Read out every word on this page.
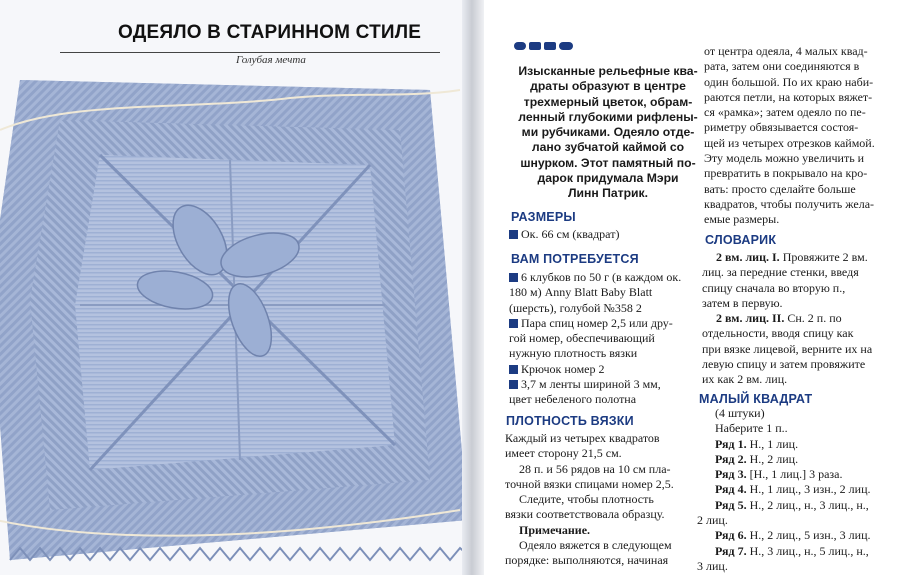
ОДЕЯЛО В СТАРИННОМ СТИЛЕ
Голубая мечта
Изысканные рельефные ква-
драты образуют в центре
трехмерный цветок, обрам-
ленный глубокими рифлены-
ми рубчиками. Одеяло отде-
лано зубчатой каймой со
шнурком. Этот памятный по-
дарок придумала Мэри
Линн Патрик.
РАЗМЕРЫ
Ок. 66 см (квадрат)
ВАМ ПОТРЕБУЕТСЯ
6 клубков по 50 г (в каждом ок.
180 м) Anny Blatt Baby Blatt
(шерсть), голубой №358 2
Пара спиц номер 2,5 или дру-
гой номер, обеспечивающий
нужную плотность вязки
Крючок номер 2
3,7 м ленты шириной 3 мм,
цвет небеленого полотна
ПЛОТНОСТЬ ВЯЗКИ
Каждый из четырех квадратов
имеет сторону 21,5 см.
28 п. и 56 рядов на 10 см пла-
точной вязки спицами номер 2,5.
Следите, чтобы плотность
вязки соответствовала образцу.
Примечание.
Одеяло вяжется в следующем
порядке: выполняются, начиная
от центра одеяла, 4 малых квад-
рата, затем они соединяются в
один большой. По их краю наби-
раются петли, на которых вяжет-
ся «рамка»; затем одеяло по пе-
риметру обвязывается состоя-
щей из четырех отрезков каймой.
Эту модель можно увеличить и
превратить в покрывало на кро-
вать: просто сделайте больше
квадратов, чтобы получить жела-
емые размеры.
СЛОВАРИК
2 вм. лиц. I. Провяжите 2 вм.
лиц. за передние стенки, введя
спицу сначала во вторую п.,
затем в первую.
2 вм. лиц. II. Сн. 2 п. по
отдельности, вводя спицу как
при вязке лицевой, верните их на
левую спицу и затем провяжите
их как 2 вм. лиц.
МАЛЫЙ КВАДРАТ
(4 штуки)
Наберите 1 п..
Ряд 1. Н., 1 лиц.
Ряд 2. Н., 2 лиц.
Ряд 3. [Н., 1 лиц.] 3 раза.
Ряд 4. Н., 1 лиц., 3 изн., 2 лиц.
Ряд 5. Н., 2 лиц., н., 3 лиц., н.,
2 лиц.
Ряд 6. Н., 2 лиц., 5 изн., 3 лиц.
Ряд 7. Н., 3 лиц., н., 5 лиц., н.,
3 лиц.
